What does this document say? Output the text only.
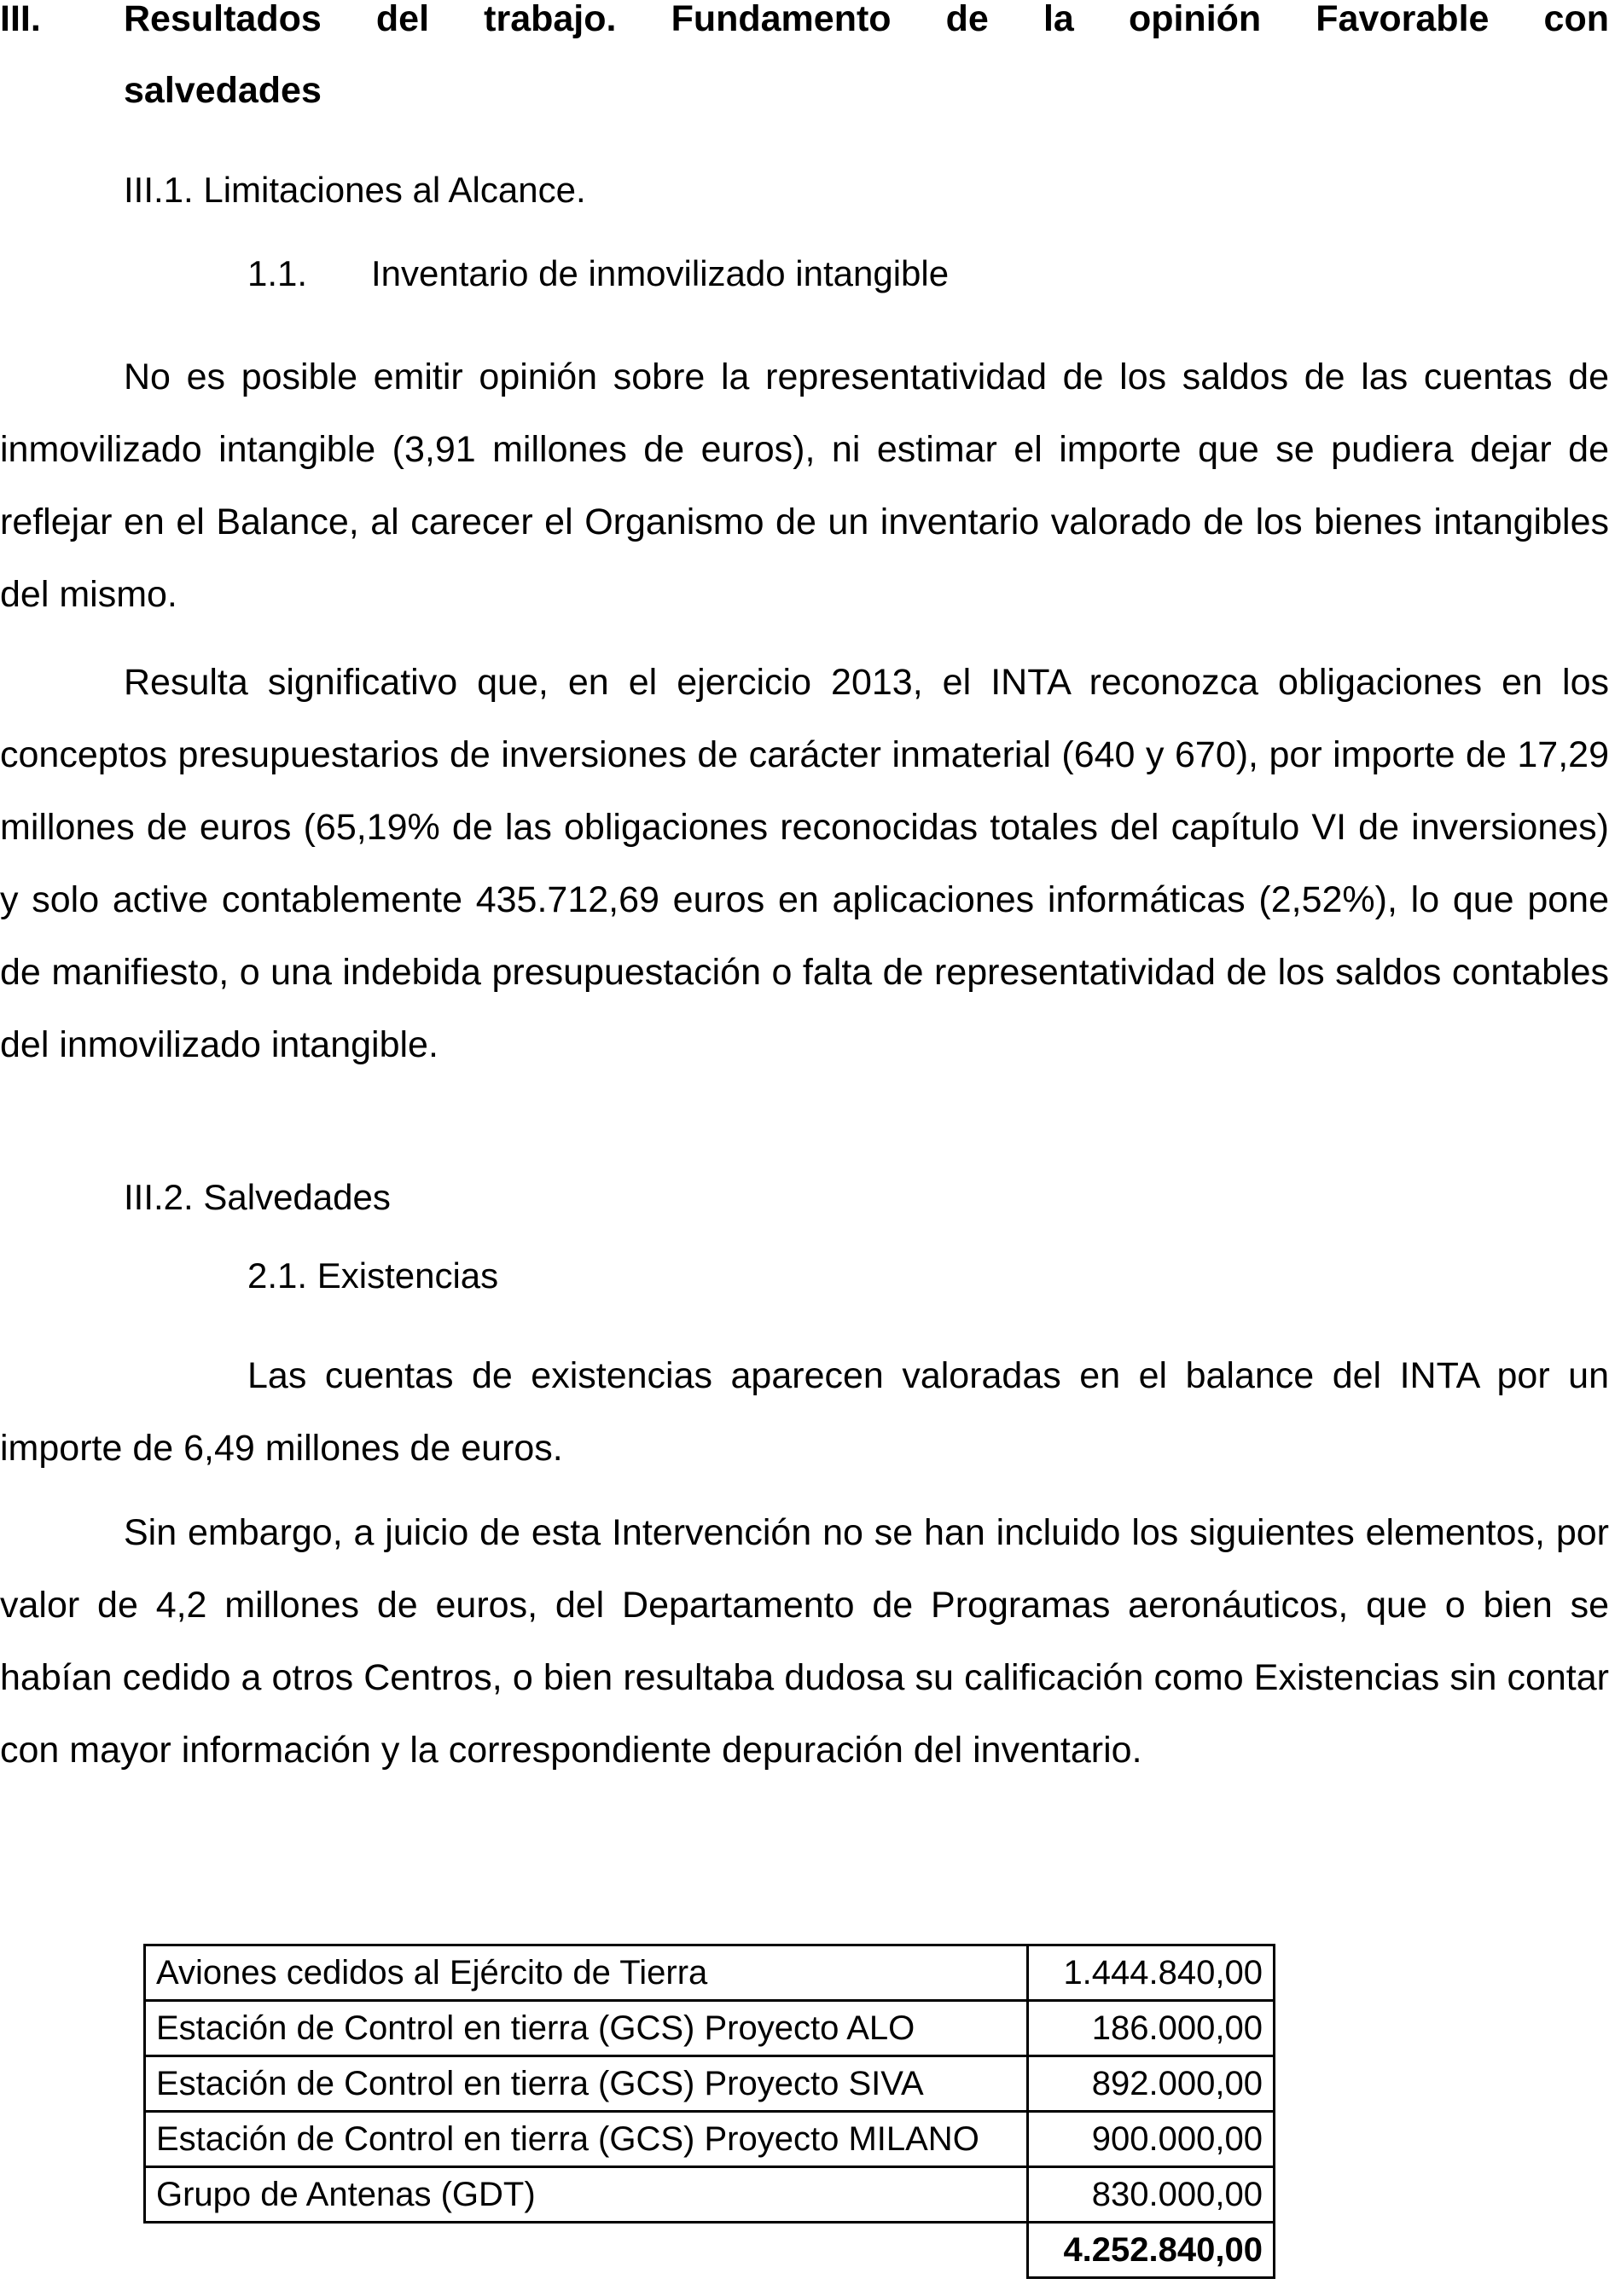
III. Resultados del trabajo. Fundamento de la opinión Favorable con
salvedades
III.1. Limitaciones al Alcance.
1.1. Inventario de inmovilizado intangible

No es posible emitir opinión sobre la representatividad de los saldos de las cuentas de inmovilizado intangible (3,91 millones de euros), ni estimar el importe que se pudiera dejar de reflejar en el Balance, al carecer el Organismo de un inventario valorado de los bienes intangibles del mismo.

Resulta significativo que, en el ejercicio 2013, el INTA reconozca obligaciones en los conceptos presupuestarios de inversiones de carácter inmaterial (640 y 670), por importe de 17,29 millones de euros (65,19% de las obligaciones reconocidas totales del capítulo VI de inversiones) y solo active contablemente 435.712,69 euros en aplicaciones informáticas (2,52%), lo que pone de manifiesto, o una indebida presupuestación o falta de representatividad de los saldos contables del inmovilizado intangible.

III.2. Salvedades
2.1. Existencias

Las cuentas de existencias aparecen valoradas en el balance del INTA por un importe de 6,49 millones de euros.

Sin embargo, a juicio de esta Intervención no se han incluido los siguientes elementos, por valor de 4,2 millones de euros, del Departamento de Programas aeronáuticos, que o bien se habían cedido a otros Centros, o bien resultaba dudosa su calificación como Existencias sin contar con mayor información y la correspondiente depuración del inventario.

Aviones cedidos al Ejército de Tierra	1.444.840,00
Estación de Control en tierra (GCS) Proyecto ALO	186.000,00
Estación de Control en tierra (GCS) Proyecto SIVA	892.000,00
Estación de Control en tierra (GCS) Proyecto MILANO	900.000,00
Grupo de Antenas (GDT)	830.000,00
	4.252.840,00
